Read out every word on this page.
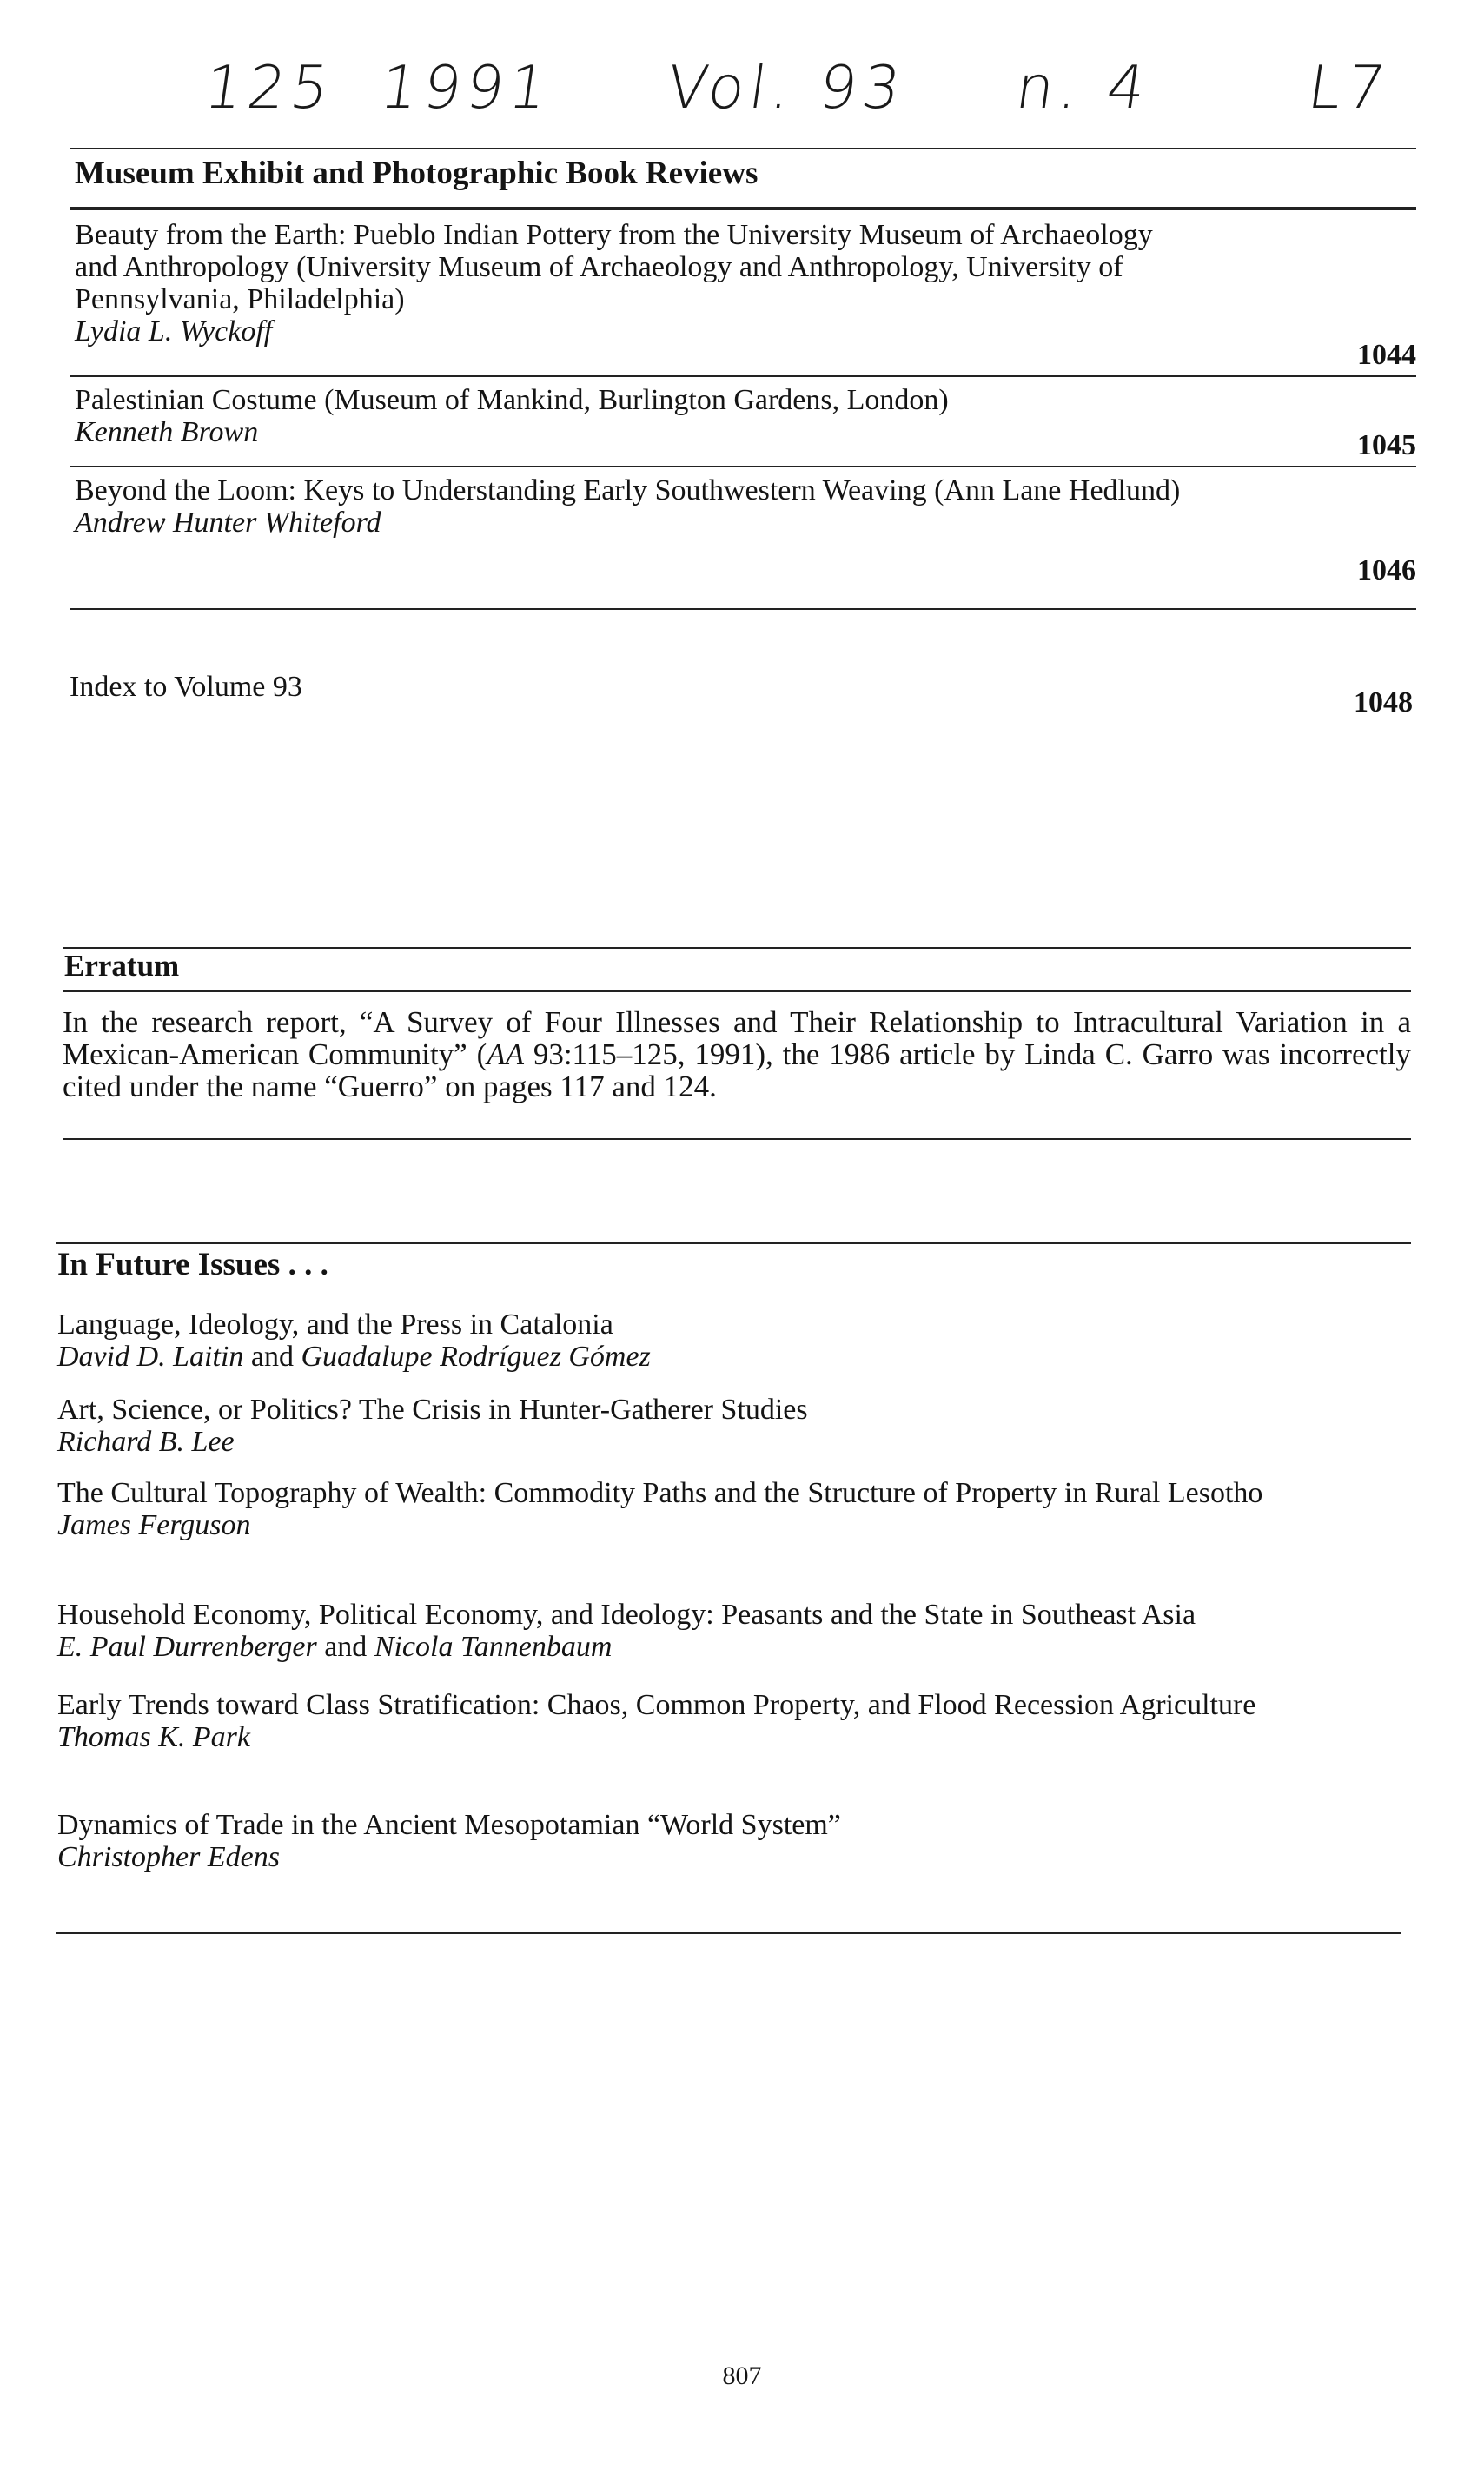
125 1991 Vol. 93 n. 4	L7
Museum Exhibit and Photographic Book Reviews
Beauty from the Earth: Pueblo Indian Pottery from the University Museum of Archaeology and Anthropology (University Museum of Archaeology and Anthropology, University of Pennsylvania, Philadelphia)
Lydia L. Wyckoff
1044
Palestinian Costume (Museum of Mankind, Burlington Gardens, London)
Kenneth Brown	1045
Beyond the Loom: Keys to Understanding Early Southwestern Weaving (Ann Lane Hedlund)
Andrew Hunter Whiteford
1046
Index to Volume 93	1048
Erratum
In the research report, “A Survey of Four Illnesses and Their Relationship to Intracultural Variation in a Mexican-American Community” (AA 93:115–125, 1991), the 1986 article by Linda C. Garro was incorrectly cited under the name “Guerro” on pages 117 and 124.
In Future Issues . . .
Language, Ideology, and the Press in Catalonia
David D. Laitin and Guadalupe Rodríguez Gómez
Art, Science, or Politics? The Crisis in Hunter-Gatherer Studies
Richard B. Lee
The Cultural Topography of Wealth: Commodity Paths and the Structure of Property in Rural Lesotho
James Ferguson
Household Economy, Political Economy, and Ideology: Peasants and the State in Southeast Asia
E. Paul Durrenberger and Nicola Tannenbaum
Early Trends toward Class Stratification: Chaos, Common Property, and Flood Recession Agriculture
Thomas K. Park
Dynamics of Trade in the Ancient Mesopotamian “World System”
Christopher Edens
807
